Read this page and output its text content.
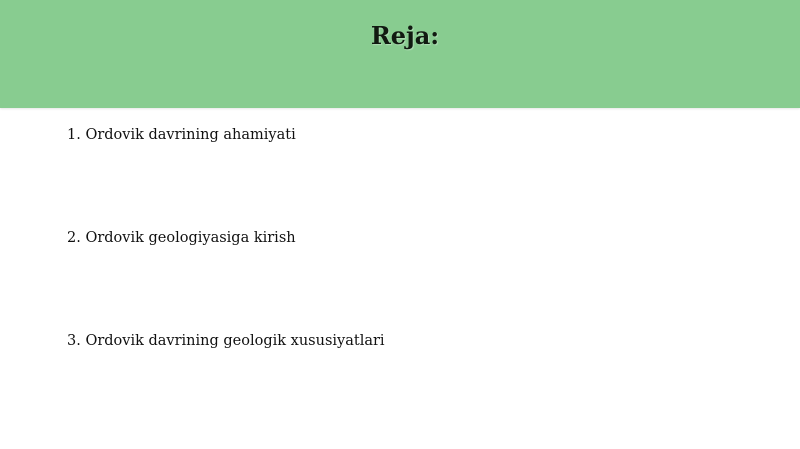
Reja:
1. Ordovik davrining ahamiyati
2. Ordovik geologiyasiga kirish
3. Ordovik davrining geologik xususiyatlari
